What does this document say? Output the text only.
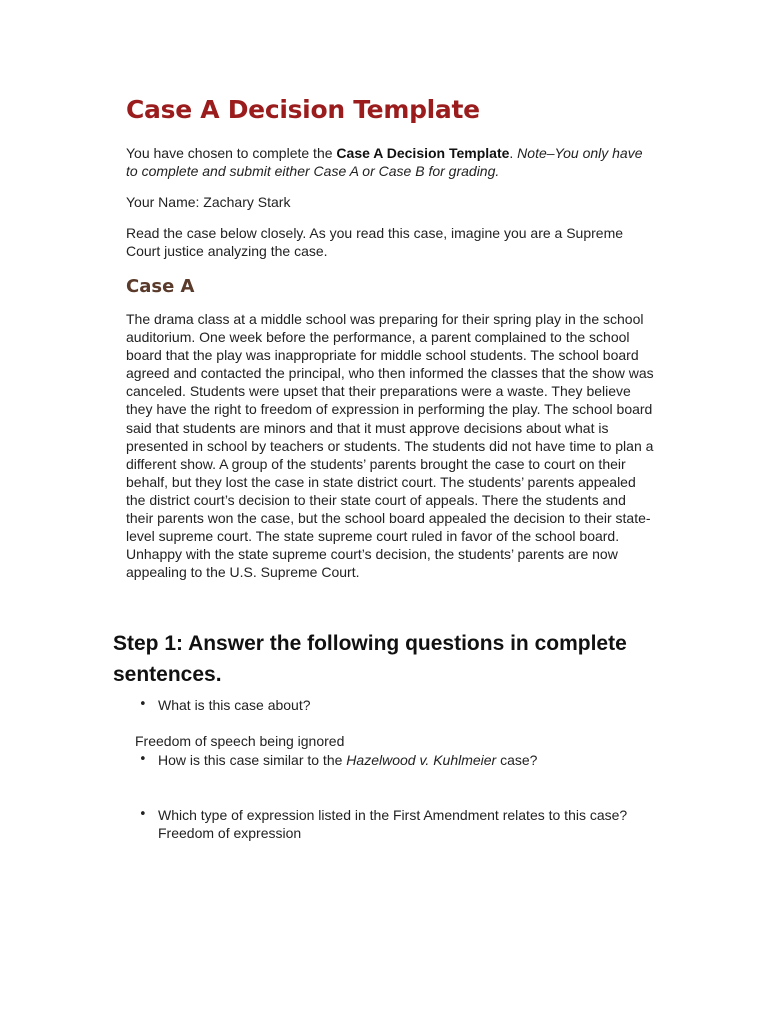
Case A Decision Template

You have chosen to complete the Case A Decision Template. Note–You only have to complete and submit either Case A or Case B for grading.

Your Name: Zachary Stark

Read the case below closely. As you read this case, imagine you are a Supreme Court justice analyzing the case.

Case A

The drama class at a middle school was preparing for their spring play in the school auditorium. One week before the performance, a parent complained to the school board that the play was inappropriate for middle school students. The school board agreed and contacted the principal, who then informed the classes that the show was canceled. Students were upset that their preparations were a waste. They believe they have the right to freedom of expression in performing the play. The school board said that students are minors and that it must approve decisions about what is presented in school by teachers or students. The students did not have time to plan a different show. A group of the students’ parents brought the case to court on their behalf, but they lost the case in state district court. The students’ parents appealed the district court’s decision to their state court of appeals. There the students and their parents won the case, but the school board appealed the decision to their state-level supreme court. The state supreme court ruled in favor of the school board. Unhappy with the state supreme court’s decision, the students’ parents are now appealing to the U.S. Supreme Court.

Step 1: Answer the following questions in complete sentences.
• What is this case about?
Freedom of speech being ignored
• How is this case similar to the Hazelwood v. Kuhlmeier case?
• Which type of expression listed in the First Amendment relates to this case?
Freedom of expression
